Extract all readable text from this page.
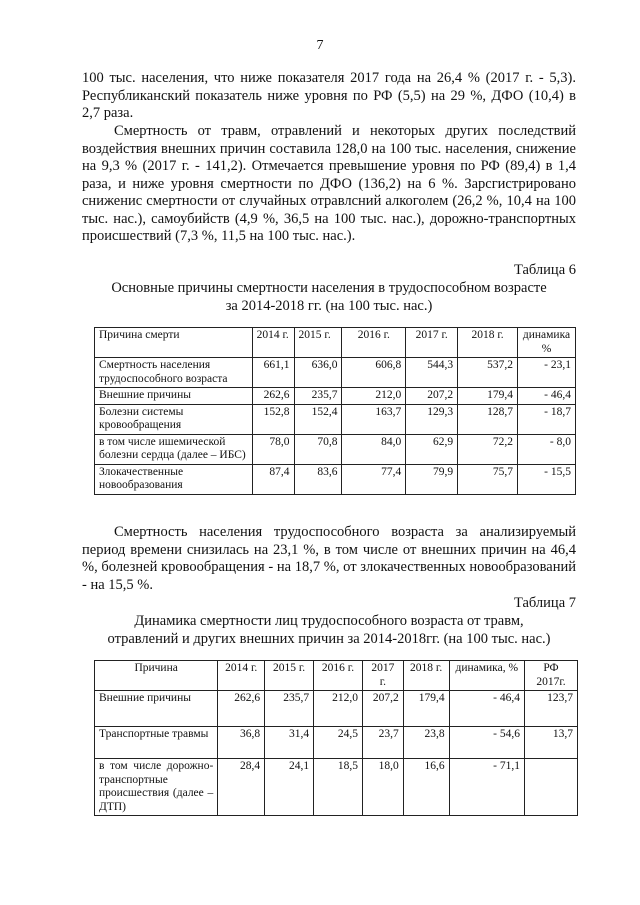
7
100 тыс. населения, что ниже показателя 2017 года на 26,4 % (2017 г. - 5,3). Республиканский показатель ниже уровня по РФ (5,5) на 29 %, ДФО (10,4) в 2,7 раза.
Смертность от травм, отравлений и некоторых других последствий воздействия внешних причин составила 128,0 на 100 тыс. населения, снижение на 9,3 % (2017 г. - 141,2). Отмечается превышение уровня по РФ (89,4) в 1,4 раза, и ниже уровня смертности по ДФО (136,2) на 6 %. Зарсгистрировано снижениc смертности от случайных отравлcний алкоголем (26,2 %, 10,4 на 100 тыс. нас.), самоубийств (4,9 %, 36,5 на 100 тыс. нас.), дорожно-транспортных происшествий (7,3 %, 11,5 на 100 тыс. нас.).
Таблица 6
Основные причины смертности населения в трудоспособном возрасте
за 2014-2018 гг. (на 100 тыс. нас.)
Причина смерти	2014 г.	2015 г.	2016 г.	2017 г.	2018 г.	динамика %
Смертность населения трудоспособного возраста	661,1	636,0	606,8	544,3	537,2	- 23,1
Внешние причины	262,6	235,7	212,0	207,2	179,4	- 46,4
Болезни системы кровообращения	152,8	152,4	163,7	129,3	128,7	- 18,7
в том числе ишемической болезни сердца (далее – ИБС)	78,0	70,8	84,0	62,9	72,2	- 8,0
Злокачественные новообразования	87,4	83,6	77,4	79,9	75,7	- 15,5
Смертность населения трудоспособного возраста за анализируемый период времени снизилась на 23,1 %, в том числе от внешних причин на 46,4 %, болезней кровообращения - на 18,7 %, от злокачественных новообразований - на 15,5 %.
Таблица 7
Динамика смертности лиц трудоспособного возраста от травм,
отравлений и других внешних причин за 2014-2018гг. (на 100 тыс. нас.)
Причина	2014 г.	2015 г.	2016 г.	2017 г.	2018 г.	динамика, %	РФ 2017г.
Внешние причины	262,6	235,7	212,0	207,2	179,4	- 46,4	123,7
Транспортные травмы	36,8	31,4	24,5	23,7	23,8	- 54,6	13,7
в том числе дорожно-транспортные происшествия (далее – ДТП)	28,4	24,1	18,5	18,0	16,6	- 71,1	
